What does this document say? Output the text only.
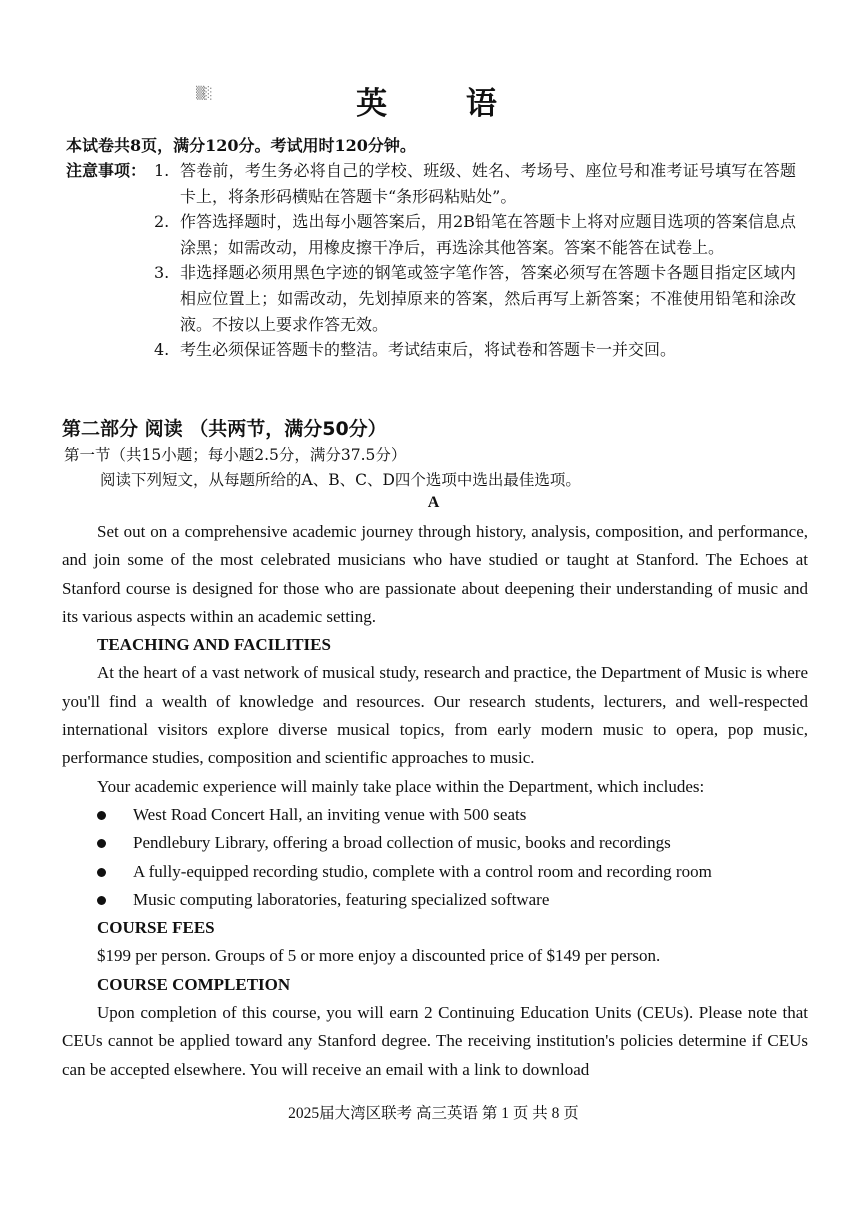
▒░	英 语
本试卷共8页，满分120分。考试用时120分钟。
注意事项： 1. 答卷前，考生务必将自己的学校、班级、姓名、考场号、座位号和准考证号填写在答题卡上，将条形码横贴在答题卡“条形码粘贴处”。
2. 作答选择题时，选出每小题答案后，用2B铅笔在答题卡上将对应题目选项的答案信息点涂黑；如需改动，用橡皮擦干净后，再选涂其他答案。答案不能答在试卷上。
3. 非选择题必须用黑色字迹的钢笔或签字笔作答，答案必须写在答题卡各题目指定区域内相应位置上；如需改动，先划掉原来的答案，然后再写上新答案；不准使用铅笔和涂改液。不按以上要求作答无效。
4. 考生必须保证答题卡的整洁。考试结束后，将试卷和答题卡一并交回。
第二部分 阅读 （共两节，满分50分）
第一节（共15小题；每小题2.5分，满分37.5分）
阅读下列短文，从每题所给的A、B、C、D四个选项中选出最佳选项。
A

Set out on a comprehensive academic journey through history, analysis, composition, and performance, and join some of the most celebrated musicians who have studied or taught at Stanford. The Echoes at Stanford course is designed for those who are passionate about deepening their understanding of music and its various aspects within an academic setting.

TEACHING AND FACILITIES

At the heart of a vast network of musical study, research and practice, the Department of Music is where you'll find a wealth of knowledge and resources. Our research students, lecturers, and well-respected international visitors explore diverse musical topics, from early modern music to opera, pop music, performance studies, composition and scientific approaches to music.

Your academic experience will mainly take place within the Department, which includes:

West Road Concert Hall, an inviting venue with 500 seats
Pendlebury Library, offering a broad collection of music, books and recordings
A fully-equipped recording studio, complete with a control room and recording room
Music computing laboratories, featuring specialized software
COURSE FEES

$199 per person. Groups of 5 or more enjoy a discounted price of $149 per person.

COURSE COMPLETION

Upon completion of this course, you will earn 2 Continuing Education Units (CEUs). Please note that CEUs cannot be applied toward any Stanford degree. The receiving institution's policies determine if CEUs can be accepted elsewhere. You will receive an email with a link to download

2025届大湾区联考 高三英语 第 1 页 共 8 页
